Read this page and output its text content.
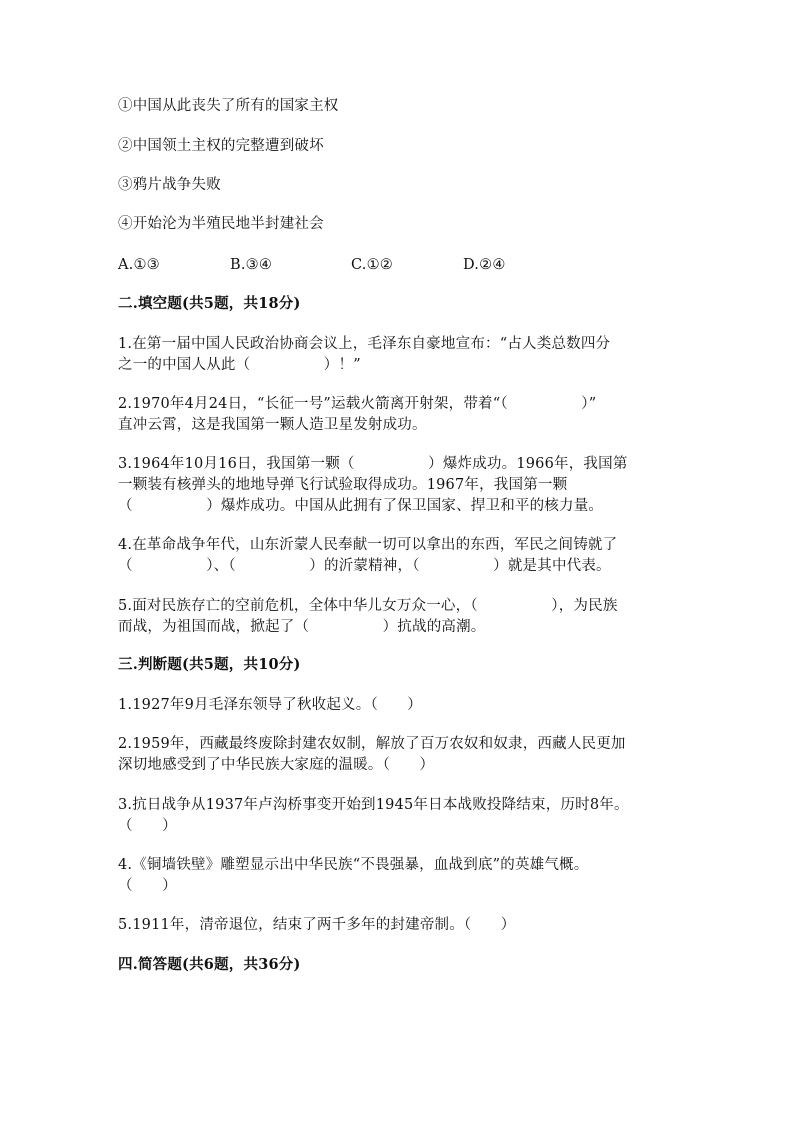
①中国从此丧失了所有的国家主权
②中国领土主权的完整遭到破坏
③鸦片战争失败
④开始沦为半殖民地半封建社会
A.①③	B.③④	C.①②	D.②④
二.填空题(共5题，共18分)
1.在第一届中国人民政治协商会议上，毛泽东自豪地宣布：“占人类总数四分
之一的中国人从此（　　　　　）！”
2.1970年4月24日，“长征一号”运载火箭离开射架，带着“（　　　　　）”
直冲云霄，这是我国第一颗人造卫星发射成功。
3.1964年10月16日，我国第一颗（　　　　　）爆炸成功。1966年，我国第
一颗装有核弹头的地地导弹飞行试验取得成功。1967年，我国第一颗
（　　　　　）爆炸成功。中国从此拥有了保卫国家、捍卫和平的核力量。
4.在革命战争年代，山东沂蒙人民奉献一切可以拿出的东西，军民之间铸就了
（　　　　　）、（　　　　　）的沂蒙精神，（　　　　　）就是其中代表。
5.面对民族存亡的空前危机，全体中华儿女万众一心，（　　　　　），为民族
而战，为祖国而战，掀起了（　　　　　）抗战的高潮。
三.判断题(共5题，共10分)
1.1927年9月毛泽东领导了秋收起义。（　　）
2.1959年，西藏最终废除封建农奴制，解放了百万农奴和奴隶，西藏人民更加
深切地感受到了中华民族大家庭的温暖。（　　）
3.抗日战争从1937年卢沟桥事变开始到1945年日本战败投降结束，历时8年。
（　　）
4.《铜墙铁壁》雕塑显示出中华民族“不畏强暴，血战到底”的英雄气概。
（　　）
5.1911年，清帝退位，结束了两千多年的封建帝制。（　　）
四.简答题(共6题，共36分)
